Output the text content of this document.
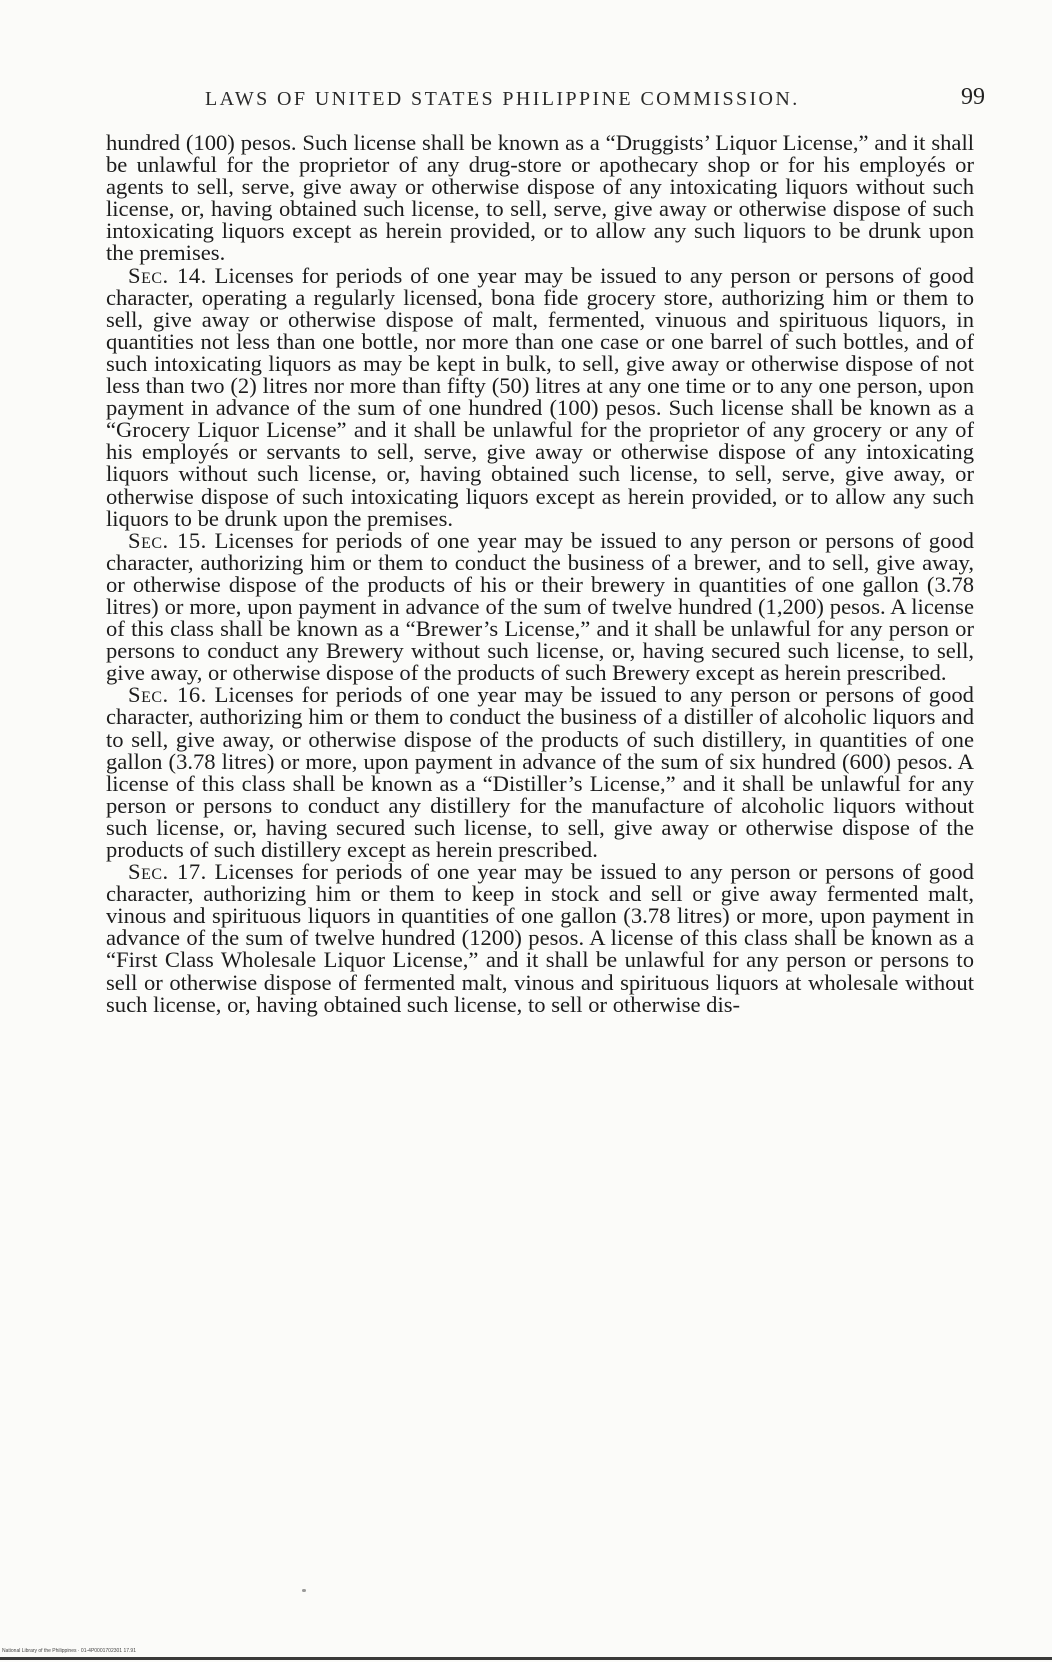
LAWS OF UNITED STATES PHILIPPINE COMMISSION.	99

hundred (100) pesos. Such license shall be known as a “Druggists’ Liquor License,” and it shall be unlawful for the proprietor of any drug-store or apothecary shop or for his employés or agents to sell, serve, give away or otherwise dispose of any intoxicating liquors without such license, or, having obtained such license, to sell, serve, give away or otherwise dispose of such intoxicating liquors except as herein provided, or to allow any such liquors to be drunk upon the premises.

Sec. 14. Licenses for periods of one year may be issued to any person or persons of good character, operating a regularly licensed, bona fide grocery store, authorizing him or them to sell, give away or otherwise dispose of malt, fermented, vinuous and spirituous liquors, in quantities not less than one bottle, nor more than one case or one barrel of such bottles, and of such intoxicating liquors as may be kept in bulk, to sell, give away or otherwise dispose of not less than two (2) litres nor more than fifty (50) litres at any one time or to any one person, upon payment in advance of the sum of one hundred (100) pesos. Such license shall be known as a “Grocery Liquor License” and it shall be unlawful for the proprietor of any grocery or any of his employés or servants to sell, serve, give away or otherwise dispose of any intoxicating liquors without such license, or, having obtained such license, to sell, serve, give away, or otherwise dispose of such intoxicating liquors except as herein provided, or to allow any such liquors to be drunk upon the premises.

Sec. 15. Licenses for periods of one year may be issued to any person or persons of good character, authorizing him or them to conduct the business of a brewer, and to sell, give away, or otherwise dispose of the products of his or their brewery in quantities of one gallon (3.78 litres) or more, upon payment in advance of the sum of twelve hundred (1,200) pesos. A license of this class shall be known as a “Brewer’s License,” and it shall be unlawful for any person or persons to conduct any Brewery without such license, or, having secured such license, to sell, give away, or otherwise dispose of the products of such Brewery except as herein prescribed.

Sec. 16. Licenses for periods of one year may be issued to any person or persons of good character, authorizing him or them to conduct the business of a distiller of alcoholic liquors and to sell, give away, or otherwise dispose of the products of such distillery, in quantities of one gallon (3.78 litres) or more, upon payment in advance of the sum of six hundred (600) pesos. A license of this class shall be known as a “Distiller’s License,” and it shall be unlawful for any person or persons to conduct any distillery for the manufacture of alcoholic liquors without such license, or, having secured such license, to sell, give away or otherwise dispose of the products of such distillery except as herein prescribed.

Sec. 17. Licenses for periods of one year may be issued to any person or persons of good character, authorizing him or them to keep in stock and sell or give away fermented malt, vinous and spirituous liquors in quantities of one gallon (3.78 litres) or more, upon payment in advance of the sum of twelve hundred (1200) pesos. A license of this class shall be known as a “First Class Wholesale Liquor License,” and it shall be unlawful for any person or persons to sell or otherwise dispose of fermented malt, vinous and spirituous liquors at wholesale without such license, or, having obtained such license, to sell or otherwise dis-

National Library of the Philippines · 01-4P0001702301 17.91
